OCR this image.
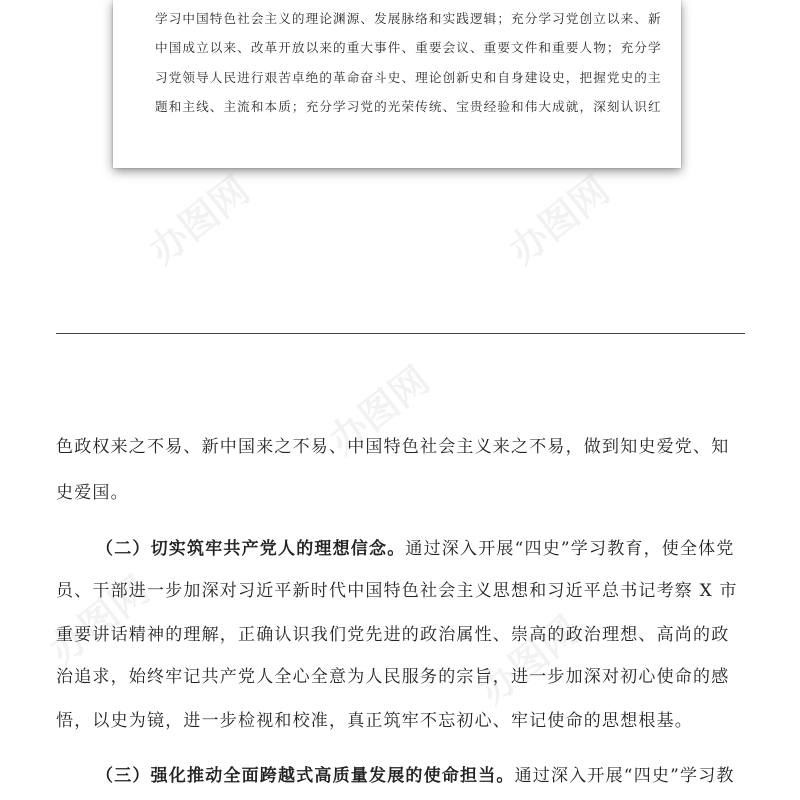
办图网	办图网
办图网
办图网	办图网
学习中国特色社会主义的理论渊源、发展脉络和实践逻辑；充分学习党创立以来、新
中国成立以来、改革开放以来的重大事件、重要会议、重要文件和重要人物；充分学
习党领导人民进行艰苦卓绝的革命奋斗史、理论创新史和自身建设史，把握党史的主
题和主线、主流和本质；充分学习党的光荣传统、宝贵经验和伟大成就，深刻认识红
色政权来之不易、新中国来之不易、中国特色社会主义来之不易，做到知史爱党、知
史爱国。
（二）切实筑牢共产党人的理想信念。通过深入开展“四史”学习教育，使全体党
员、干部进一步加深对习近平新时代中国特色社会主义思想和习近平总书记考察 X 市
重要讲话精神的理解，正确认识我们党先进的政治属性、崇高的政治理想、高尚的政
治追求，始终牢记共产党人全心全意为人民服务的宗旨，进一步加深对初心使命的感
悟，以史为镜，进一步检视和校准，真正筑牢不忘初心、牢记使命的思想根基。
（三）强化推动全面跨越式高质量发展的使命担当。通过深入开展“四史”学习教
